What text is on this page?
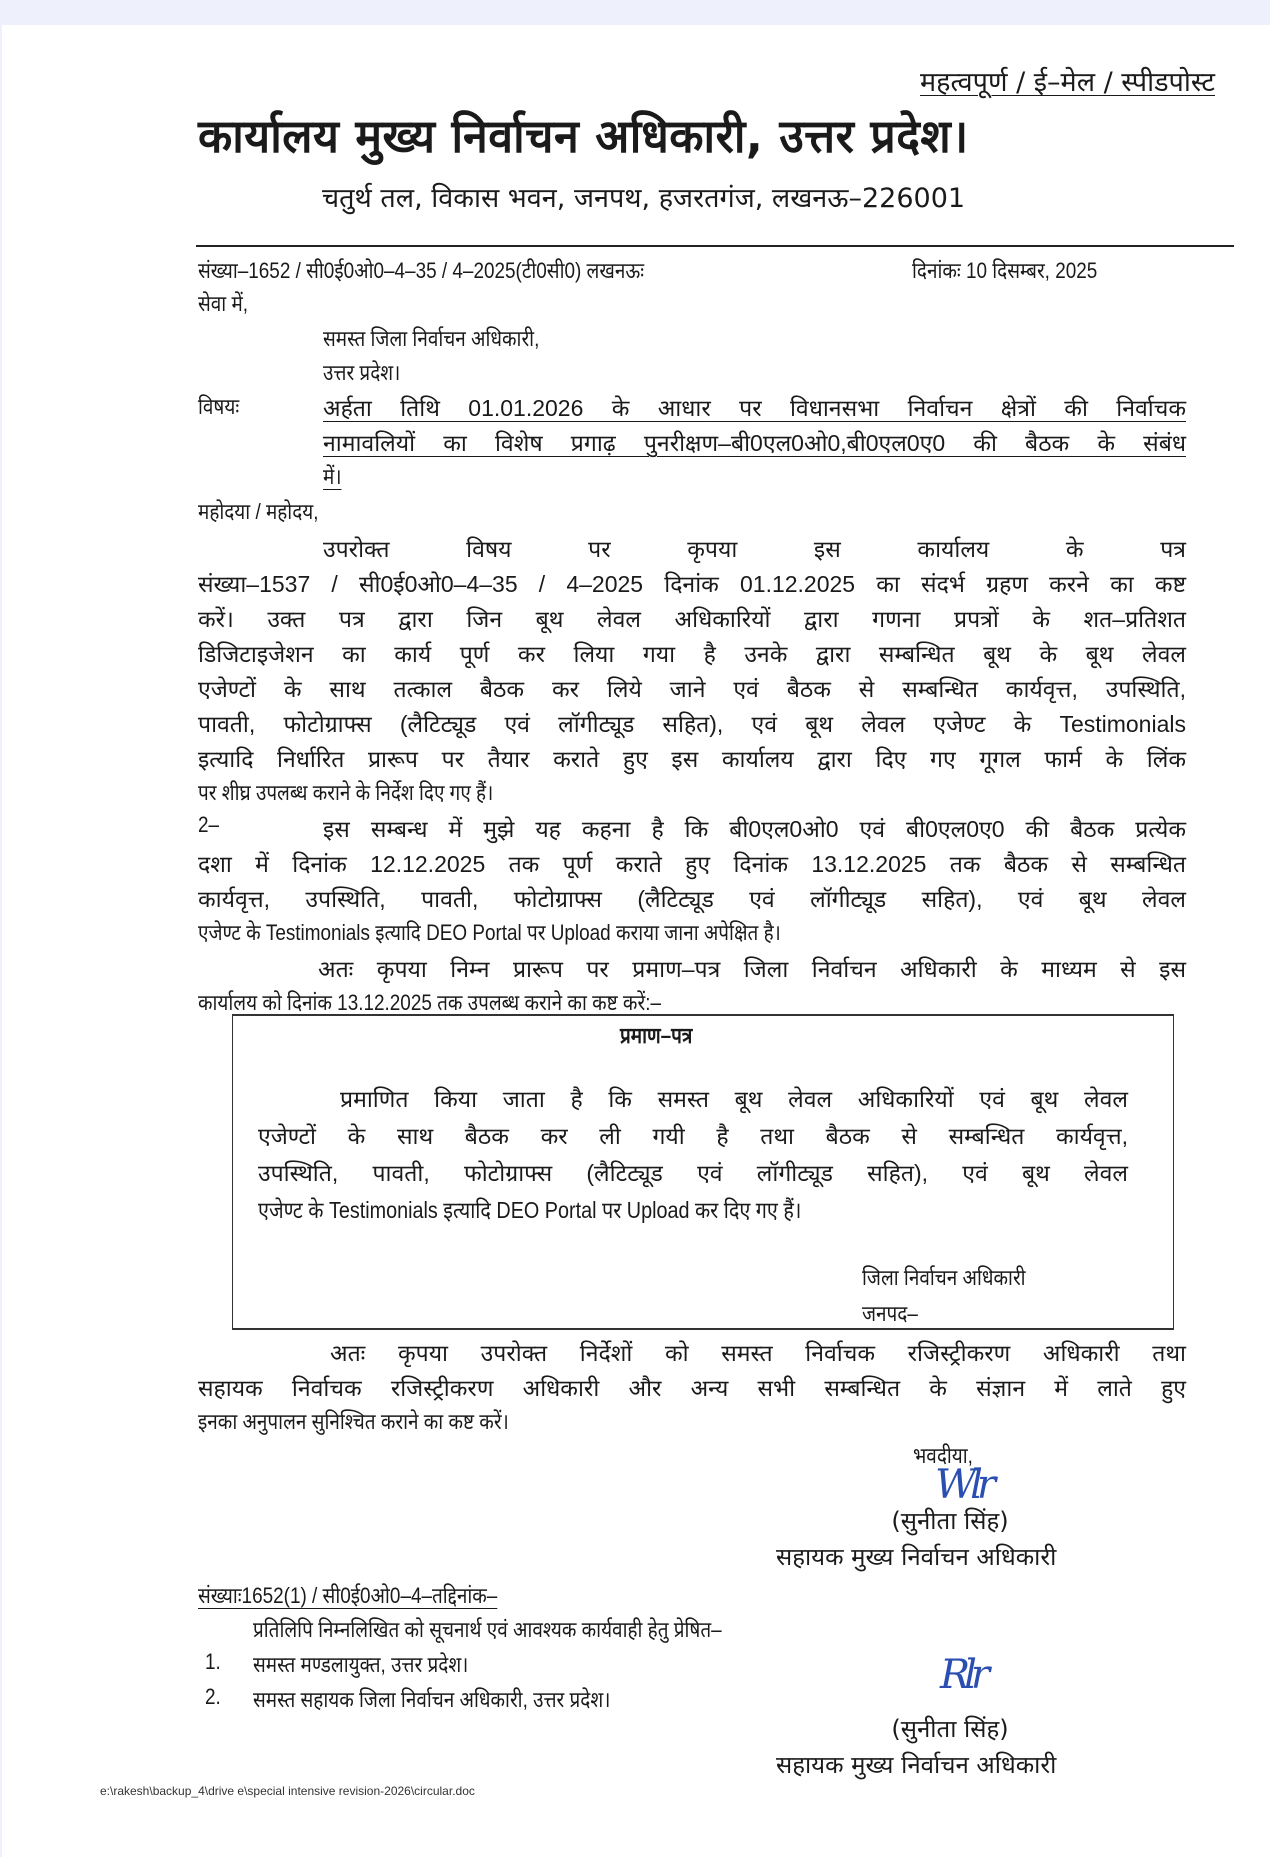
महत्वपूर्ण / ई–मेल / स्पीडपोस्ट
कार्यालय मुख्य निर्वाचन अधिकारी, उत्तर प्रदेश।
चतुर्थ तल, विकास भवन, जनपथ, हजरतगंज, लखनऊ–226001
संख्या–1652 / सी0ई0ओ0–4–35 / 4–2025(टी0सी0) लखनऊः	दिनांकः 10 दिसम्बर, 2025
सेवा में,
समस्त जिला निर्वाचन अधिकारी,
उत्तर प्रदेश।
विषयः	अर्हता तिथि 01.01.2026 के आधार पर विधानसभा निर्वाचन क्षेत्रों की निर्वाचक
नामावलियों का विशेष प्रगाढ़ पुनरीक्षण–बी0एल0ओ0,बी0एल0ए0 की बैठक के संबंध
में।
महोदया / महोदय,
उपरोक्त विषय पर कृपया इस कार्यालय के पत्र
संख्या–1537 / सी0ई0ओ0–4–35 / 4–2025 दिनांक 01.12.2025 का संदर्भ ग्रहण करने का कष्ट
करें। उक्त पत्र द्वारा जिन बूथ लेवल अधिकारियों द्वारा गणना प्रपत्रों के शत–प्रतिशत
डिजिटाइजेशन का कार्य पूर्ण कर लिया गया है उनके द्वारा सम्बन्धित बूथ के बूथ लेवल
एजेण्टों के साथ तत्काल बैठक कर लिये जाने एवं बैठक से सम्बन्धित कार्यवृत्त, उपस्थिति,
पावती, फोटोग्राफ्स (लैटिट्यूड एवं लॉगीट्यूड सहित), एवं बूथ लेवल एजेण्ट के Testimonials
इत्यादि निर्धारित प्रारूप पर तैयार कराते हुए इस कार्यालय द्वारा दिए गए गूगल फार्म के लिंक
पर शीघ्र उपलब्ध कराने के निर्देश दिए गए हैं।
2–	इस सम्बन्ध में मुझे यह कहना है कि बी0एल0ओ0 एवं बी0एल0ए0 की बैठक प्रत्येक
दशा में दिनांक 12.12.2025 तक पूर्ण कराते हुए दिनांक 13.12.2025 तक बैठक से सम्बन्धित
कार्यवृत्त, उपस्थिति, पावती, फोटोग्राफ्स (लैटिट्यूड एवं लॉगीट्यूड सहित), एवं बूथ लेवल
एजेण्ट के Testimonials इत्यादि DEO Portal पर Upload कराया जाना अपेक्षित है।
अतः कृपया निम्न प्रारूप पर प्रमाण–पत्र जिला निर्वाचन अधिकारी के माध्यम से इस
कार्यालय को दिनांक 13.12.2025 तक उपलब्ध कराने का कष्ट करें:–
प्रमाण–पत्र
प्रमाणित किया जाता है कि समस्त बूथ लेवल अधिकारियों एवं बूथ लेवल
एजेण्टों के साथ बैठक कर ली गयी है तथा बैठक से सम्बन्धित कार्यवृत्त,
उपस्थिति, पावती, फोटोग्राफ्स (लैटिट्यूड एवं लॉगीट्यूड सहित), एवं बूथ लेवल
एजेण्ट के Testimonials इत्यादि DEO Portal पर Upload कर दिए गए हैं।
जिला निर्वाचन अधिकारी
जनपद–
अतः कृपया उपरोक्त निर्देशों को समस्त निर्वाचक रजिस्ट्रीकरण अधिकारी तथा
सहायक निर्वाचक रजिस्ट्रीकरण अधिकारी और अन्य सभी सम्बन्धित के संज्ञान में लाते हुए
इनका अनुपालन सुनिश्चित कराने का कष्ट करें।
भवदीया,
Wlr
(सुनीता सिंह)
सहायक मुख्य निर्वाचन अधिकारी
संख्याः1652(1) / सी0ई0ओ0–4–तद्दिनांक–
प्रतिलिपि निम्नलिखित को सूचनार्थ एवं आवश्यक कार्यवाही हेतु प्रेषित–
1. समस्त मण्डलायुक्त, उत्तर प्रदेश।
2. समस्त सहायक जिला निर्वाचन अधिकारी, उत्तर प्रदेश।
Rlr
(सुनीता सिंह)
सहायक मुख्य निर्वाचन अधिकारी
e:\rakesh\backup_4\drive e\special intensive revision-2026\circular.doc
